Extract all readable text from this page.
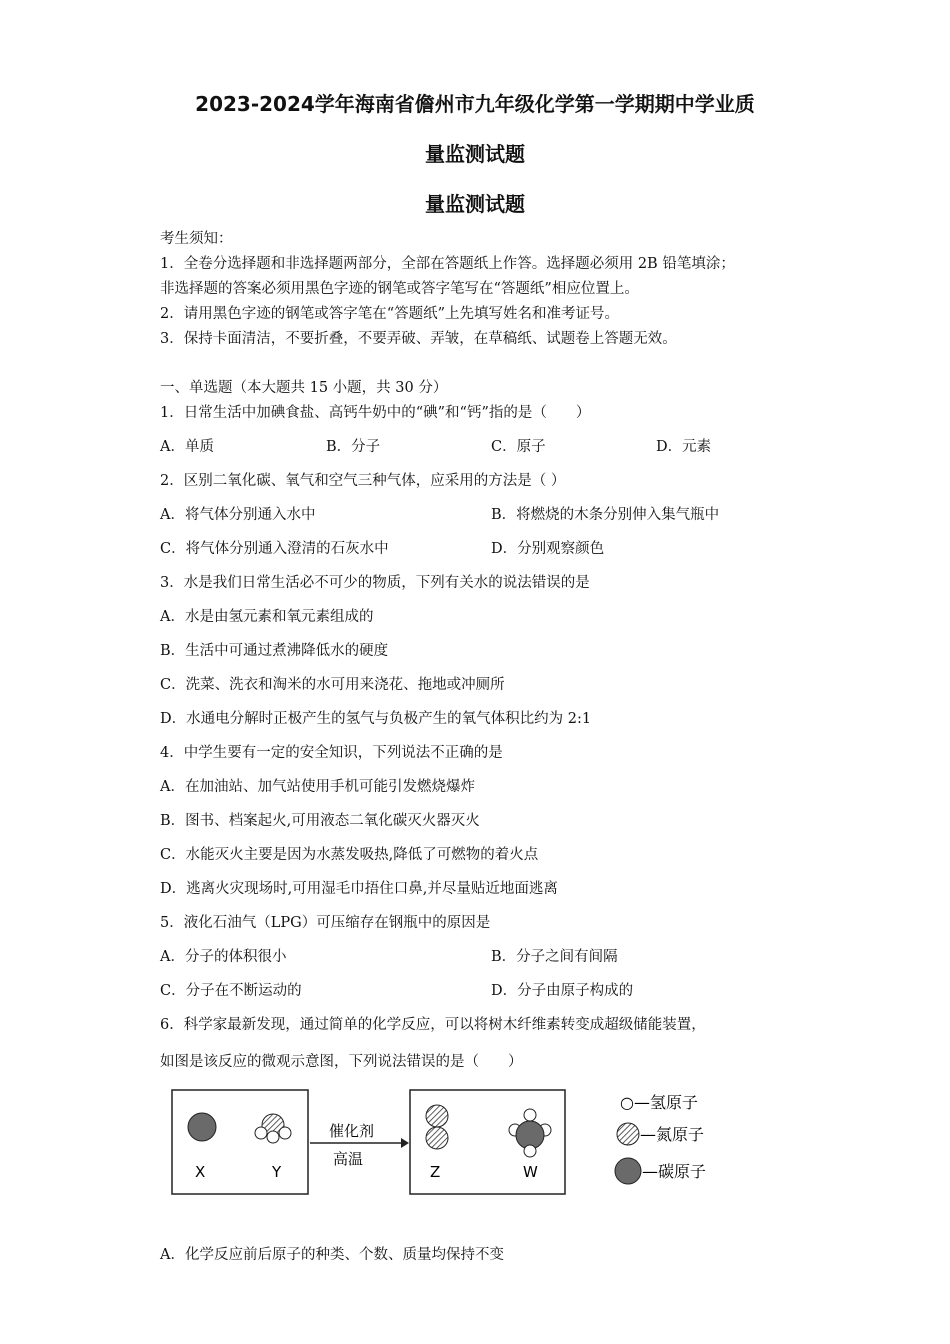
2023-2024学年海南省儋州市九年级化学第一学期期中学业质
量监测试题
量监测试题
考生须知：
1．全卷分选择题和非选择题两部分，全部在答题纸上作答。选择题必须用 2B 铅笔填涂；
非选择题的答案必须用黑色字迹的钢笔或答字笔写在“答题纸”相应位置上。
2．请用黑色字迹的钢笔或答字笔在“答题纸”上先填写姓名和准考证号。
3．保持卡面清洁，不要折叠，不要弄破、弄皱，在草稿纸、试题卷上答题无效。
一、单选题（本大题共 15 小题，共 30 分）
1．日常生活中加碘食盐、高钙牛奶中的“碘”和“钙”指的是（　　）
A．单质	B．分子	C．原子	D．元素
2．区别二氧化碳、氧气和空气三种气体，应采用的方法是（ ）
A．将气体分别通入水中	B．将燃烧的木条分别伸入集气瓶中
C．将气体分别通入澄清的石灰水中	D．分别观察颜色
3．水是我们日常生活必不可少的物质，下列有关水的说法错误的是
A．水是由氢元素和氧元素组成的
B．生活中可通过煮沸降低水的硬度
C．洗菜、洗衣和淘米的水可用来浇花、拖地或冲厕所
D．水通电分解时正极产生的氢气与负极产生的氧气体积比约为 2:1
4．中学生要有一定的安全知识，下列说法不正确的是
A．在加油站、加气站使用手机可能引发燃烧爆炸
B．图书、档案起火,可用液态二氧化碳灭火器灭火
C．水能灭火主要是因为水蒸发吸热,降低了可燃物的着火点
D．逃离火灾现场时,可用湿毛巾捂住口鼻,并尽量贴近地面逃离
5．液化石油气（LPG）可压缩存在钢瓶中的原因是
A．分子的体积很小	B．分子之间有间隔
C．分子在不断运动的	D．分子由原子构成的
6．科学家最新发现，通过简单的化学反应，可以将树木纤维素转变成超级储能装置，
如图是该反应的微观示意图，下列说法错误的是（　　）
X	Y
催化剂
高温
Z	W
○—氢原子
—氮原子
—碳原子
A．化学反应前后原子的种类、个数、质量均保持不变
